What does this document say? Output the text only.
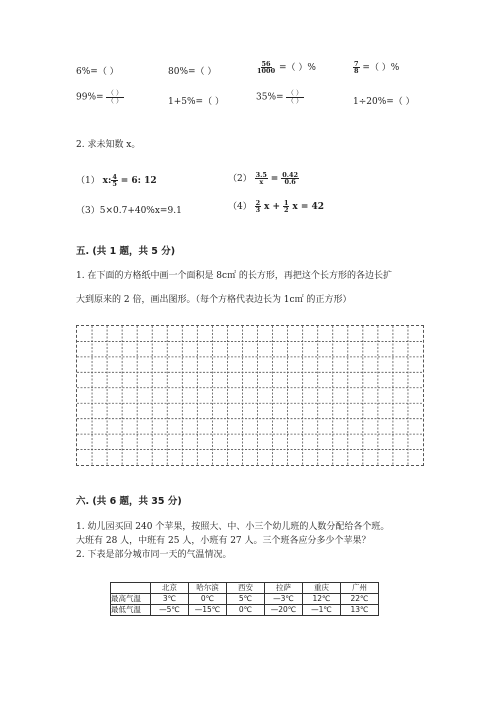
6%=（ ）	80%=（ ）	$\frac{56}{1000}$ =（ ）%	$\frac{7}{8}$ =（ ）%
$99\%= \frac{( )}{( )}$	1+5%=（ ）	$35\%= \frac{( )}{( )}$	1÷20%=（ ）
2. 求未知数 x。
（1） x: $\frac{4}{5} = 6$: 12	$(2) \frac{3.5}{x} = \frac{0.42}{0.6}$
（3）5×0.7+40%x=9.1	$(4) \frac{2}{3}$ $x + \frac{1}{2}$ x = 42
五. (共 1 题，共 5 分)
1. 在下面的方格纸中画一个面积是 8c㎡ 的长方形，再把这个长方形的各边长扩
大到原来的 2 倍，画出图形。（每个方格代表边长为 1c㎡ 的正方形）
六. (共 6 题，共 35 分)
1. 幼儿园买回 240 个苹果，按照大、中、小三个幼儿班的人数分配给各个班。
大班有 28 人，中班有 25 人，小班有 27 人。三个班各应分多少个苹果？
2. 下表是部分城市同一天的气温情况。
	北京	哈尔滨	西安	拉萨	重庆	广州
最高气温	3℃	0℃	5℃	—3℃	12℃	22℃
最低气温	—5℃	—15℃	0℃	—20℃	—1℃	13℃
